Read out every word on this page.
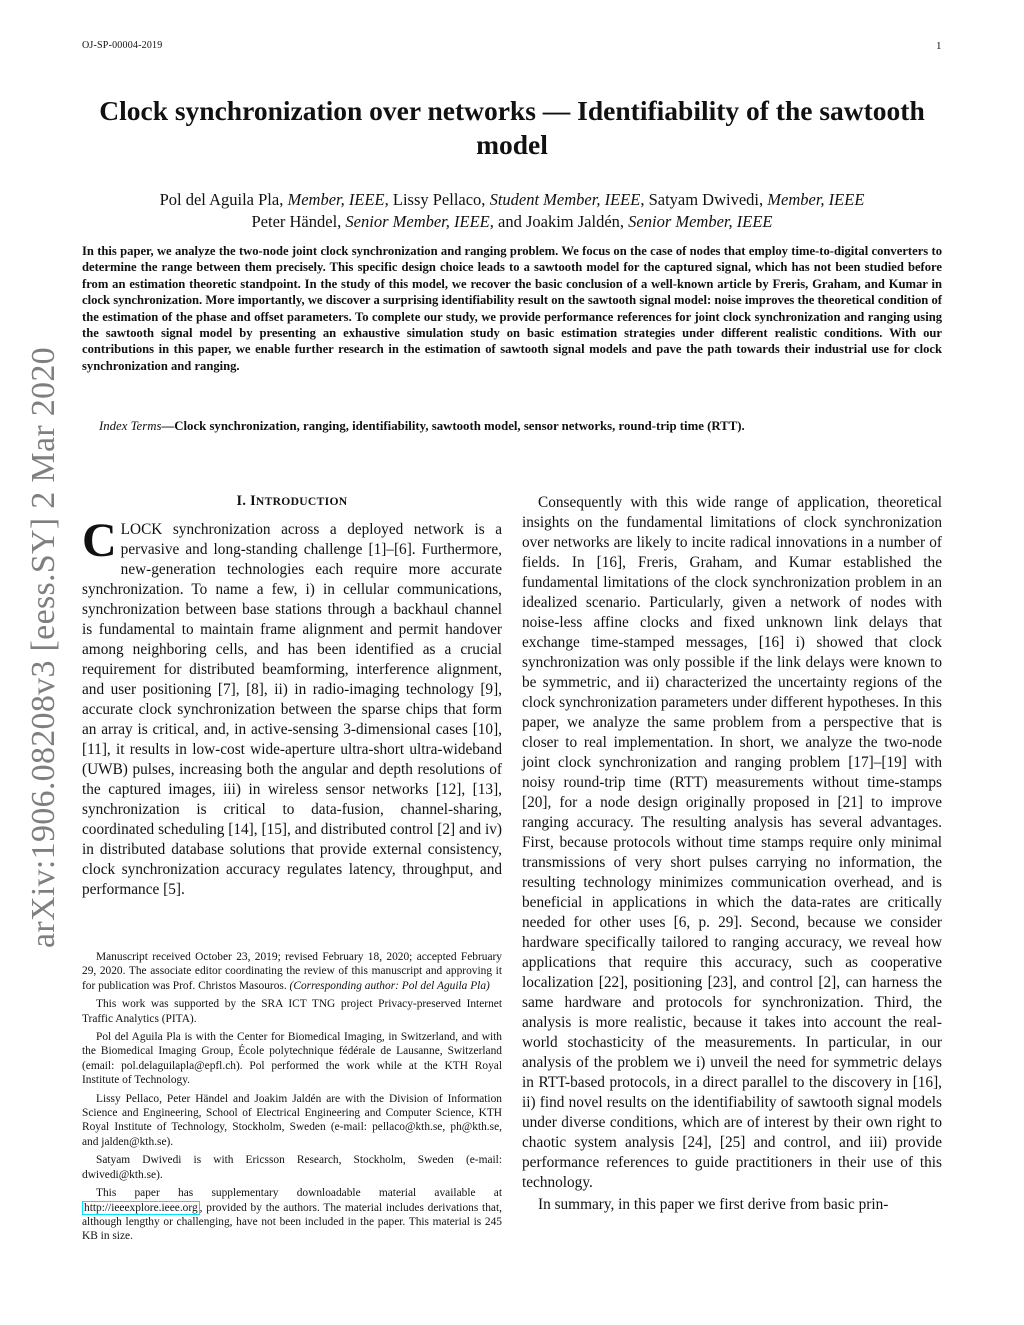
OJ-SP-00004-2019	1
arXiv:1906.08208v3 [eess.SY] 2 Mar 2020
Clock synchronization over networks — Identifiability of the sawtooth model
Pol del Aguila Pla, Member, IEEE, Lissy Pellaco, Student Member, IEEE, Satyam Dwivedi, Member, IEEE
Peter Händel, Senior Member, IEEE, and Joakim Jaldén, Senior Member, IEEE

In this paper, we analyze the two-node joint clock synchronization and ranging problem. We focus on the case of nodes that employ time-to-digital converters to determine the range between them precisely. This specific design choice leads to a sawtooth model for the captured signal, which has not been studied before from an estimation theoretic standpoint. In the study of this model, we recover the basic conclusion of a well-known article by Freris, Graham, and Kumar in clock synchronization. More importantly, we discover a surprising identifiability result on the sawtooth signal model: noise improves the theoretical condition of the estimation of the phase and offset parameters. To complete our study, we provide performance references for joint clock synchronization and ranging using the sawtooth signal model by presenting an exhaustive simulation study on basic estimation strategies under different realistic conditions. With our contributions in this paper, we enable further research in the estimation of sawtooth signal models and pave the path towards their industrial use for clock synchronization and ranging.

Index Terms—Clock synchronization, ranging, identifiability, sawtooth model, sensor networks, round-trip time (RTT).

I. INTRODUCTION

CLOCK synchronization across a deployed network is a pervasive and long-standing challenge [1]–[6]. Furthermore, new-generation technologies each require more accurate synchronization. To name a few, i) in cellular communications, synchronization between base stations through a backhaul channel is fundamental to maintain frame alignment and permit handover among neighboring cells, and has been identified as a crucial requirement for distributed beamforming, interference alignment, and user positioning [7], [8], ii) in radio-imaging technology [9], accurate clock synchronization between the sparse chips that form an array is critical, and, in active-sensing 3-dimensional cases [10], [11], it results in low-cost wide-aperture ultra-short ultra-wideband (UWB) pulses, increasing both the angular and depth resolutions of the captured images, iii) in wireless sensor networks [12], [13], synchronization is critical to data-fusion, channel-sharing, coordinated scheduling [14], [15], and distributed control [2] and iv) in distributed database solutions that provide external consistency, clock synchronization accuracy regulates latency, throughput, and performance [5].

Manuscript received October 23, 2019; revised February 18, 2020; accepted February 29, 2020. The associate editor coordinating the review of this manuscript and approving it for publication was Prof. Christos Masouros. (Corresponding author: Pol del Aguila Pla)

This work was supported by the SRA ICT TNG project Privacy-preserved Internet Traffic Analytics (PITA).

Pol del Aguila Pla is with the Center for Biomedical Imaging, in Switzerland, and with the Biomedical Imaging Group, École polytechnique fédérale de Lausanne, Switzerland (email: pol.delaguilapla@epfl.ch). Pol performed the work while at the KTH Royal Institute of Technology.

Lissy Pellaco, Peter Händel and Joakim Jaldén are with the Division of Information Science and Engineering, School of Electrical Engineering and Computer Science, KTH Royal Institute of Technology, Stockholm, Sweden (e-mail: pellaco@kth.se, ph@kth.se, and jalden@kth.se).

Satyam Dwivedi is with Ericsson Research, Stockholm, Sweden (e-mail: dwivedi@kth.se).

This paper has supplementary downloadable material available at http://ieeexplore.ieee.org , provided by the authors. The material includes derivations that, although lengthy or challenging, have not been included in the paper. This material is 245 KB in size.

Consequently with this wide range of application, theoretical insights on the fundamental limitations of clock synchronization over networks are likely to incite radical innovations in a number of fields. In [16], Freris, Graham, and Kumar established the fundamental limitations of the clock synchronization problem in an idealized scenario. Particularly, given a network of nodes with noise-less affine clocks and fixed unknown link delays that exchange time-stamped messages, [16] i) showed that clock synchronization was only possible if the link delays were known to be symmetric, and ii) characterized the uncertainty regions of the clock synchronization parameters under different hypotheses. In this paper, we analyze the same problem from a perspective that is closer to real implementation. In short, we analyze the two-node joint clock synchronization and ranging problem [17]–[19] with noisy round-trip time (RTT) measurements without time-stamps [20], for a node design originally proposed in [21] to improve ranging accuracy. The resulting analysis has several advantages. First, because protocols without time stamps require only minimal transmissions of very short pulses carrying no information, the resulting technology minimizes communication overhead, and is beneficial in applications in which the data-rates are critically needed for other uses [6, p. 29]. Second, because we consider hardware specifically tailored to ranging accuracy, we reveal how applications that require this accuracy, such as cooperative localization [22], positioning [23], and control [2], can harness the same hardware and protocols for synchronization. Third, the analysis is more realistic, because it takes into account the real-world stochasticity of the measurements. In particular, in our analysis of the problem we i) unveil the need for symmetric delays in RTT-based protocols, in a direct parallel to the discovery in [16], ii) find novel results on the identifiability of sawtooth signal models under diverse conditions, which are of interest by their own right to chaotic system analysis [24], [25] and control, and iii) provide performance references to guide practitioners in their use of this technology.

In summary, in this paper we first derive from basic prin-
